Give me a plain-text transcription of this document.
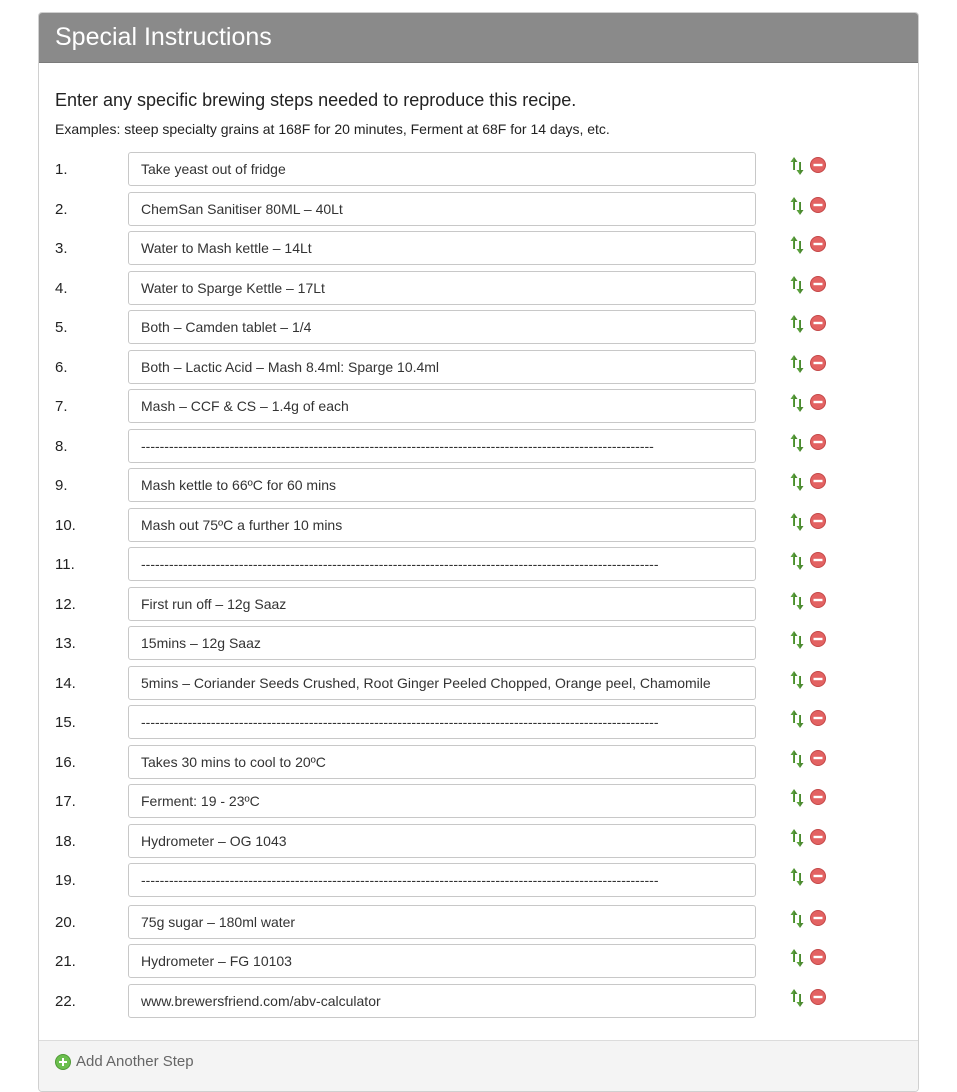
Special Instructions

Enter any specific brewing steps needed to reproduce this recipe.

Examples: steep specialty grains at 168F for 20 minutes, Ferment at 68F for 14 days, etc.

1.
Take yeast out of fridge
2.
ChemSan Sanitiser 80ML – 40Lt
3.
Water to Mash kettle – 14Lt
4.
Water to Sparge Kettle – 17Lt
5.
Both – Camden tablet – 1/4
6.
Both – Lactic Acid – Mash 8.4ml: Sparge 10.4ml
7.
Mash – CCF & CS – 1.4g of each
8.
--------------------------------------------------------------------------------------------------------------
9.
Mash kettle to 66ºC for 60 mins
10.
Mash out 75ºC a further 10 mins
11.
---------------------------------------------------------------------------------------------------------------
12.
First run off – 12g Saaz
13.
15mins – 12g Saaz
14.
5mins – Coriander Seeds Crushed, Root Ginger Peeled Chopped, Orange peel, Chamomile
15.
---------------------------------------------------------------------------------------------------------------
16.
Takes 30 mins to cool to 20ºC
17.
Ferment: 19 - 23ºC
18.
Hydrometer – OG 1043
19.
---------------------------------------------------------------------------------------------------------------
20.
75g sugar – 180ml water
21.
Hydrometer – FG 10103
22.
www.brewersfriend.com/abv-calculator
Add Another Step
